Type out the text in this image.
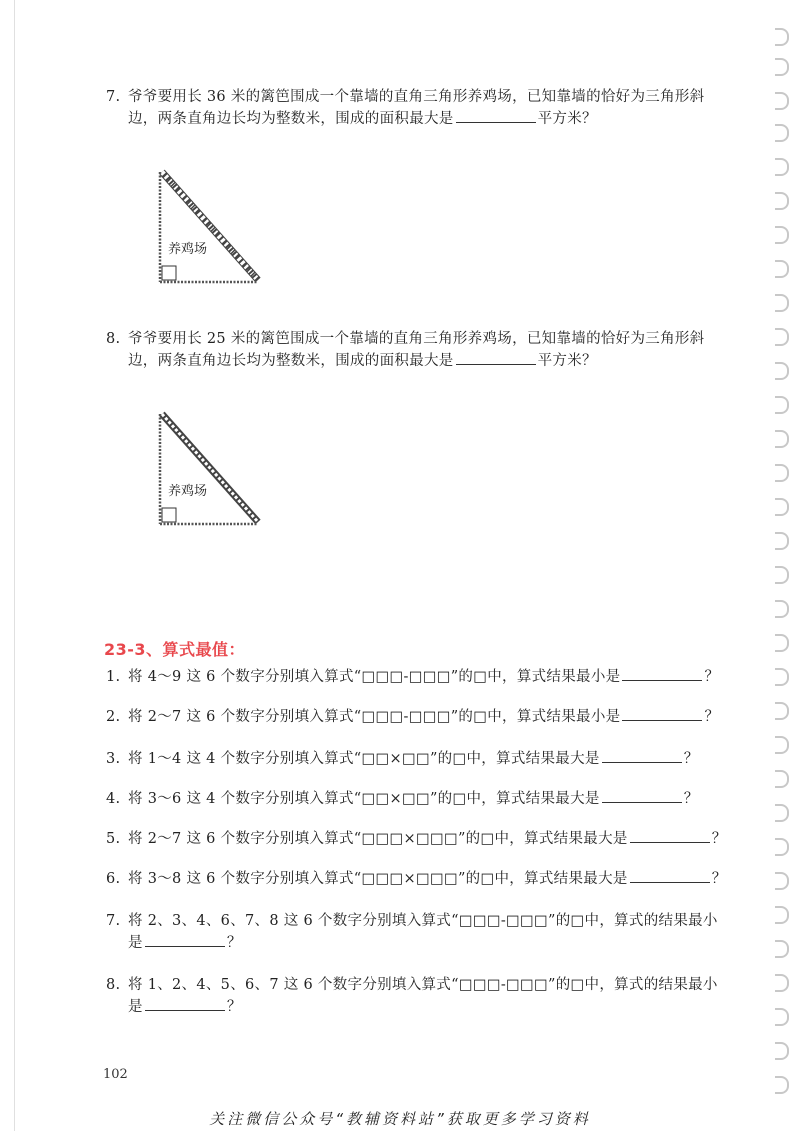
7. 爷爷要用长 36 米的篱笆围成一个靠墙的直角三角形养鸡场，已知靠墙的恰好为三角形斜
边，两条直角边长均为整数米，围成的面积最大是	平方米？
养鸡场
8. 爷爷要用长 25 米的篱笆围成一个靠墙的直角三角形养鸡场，已知靠墙的恰好为三角形斜
边，两条直角边长均为整数米，围成的面积最大是	平方米？
养鸡场
23-3、算式最值：
1. 将 4～9 这 6 个数字分别填入算式“□□□-□□□”的□中，算式结果最小是	？
2. 将 2～7 这 6 个数字分别填入算式“□□□-□□□”的□中，算式结果最小是	？
3. 将 1～4 这 4 个数字分别填入算式“□□×□□”的□中，算式结果最大是	？
4. 将 3～6 这 4 个数字分别填入算式“□□×□□”的□中，算式结果最大是	？
5. 将 2～7 这 6 个数字分别填入算式“□□□×□□□”的□中，算式结果最大是	？
6. 将 3～8 这 6 个数字分别填入算式“□□□×□□□”的□中，算式结果最大是	？
7. 将 2、3、4、6、7、8 这 6 个数字分别填入算式“□□□-□□□”的□中，算式的结果最小
是	？
8. 将 1、2、4、5、6、7 这 6 个数字分别填入算式“□□□-□□□”的□中，算式的结果最小
是	？
102
关注微信公众号“教辅资料站”获取更多学习资料
